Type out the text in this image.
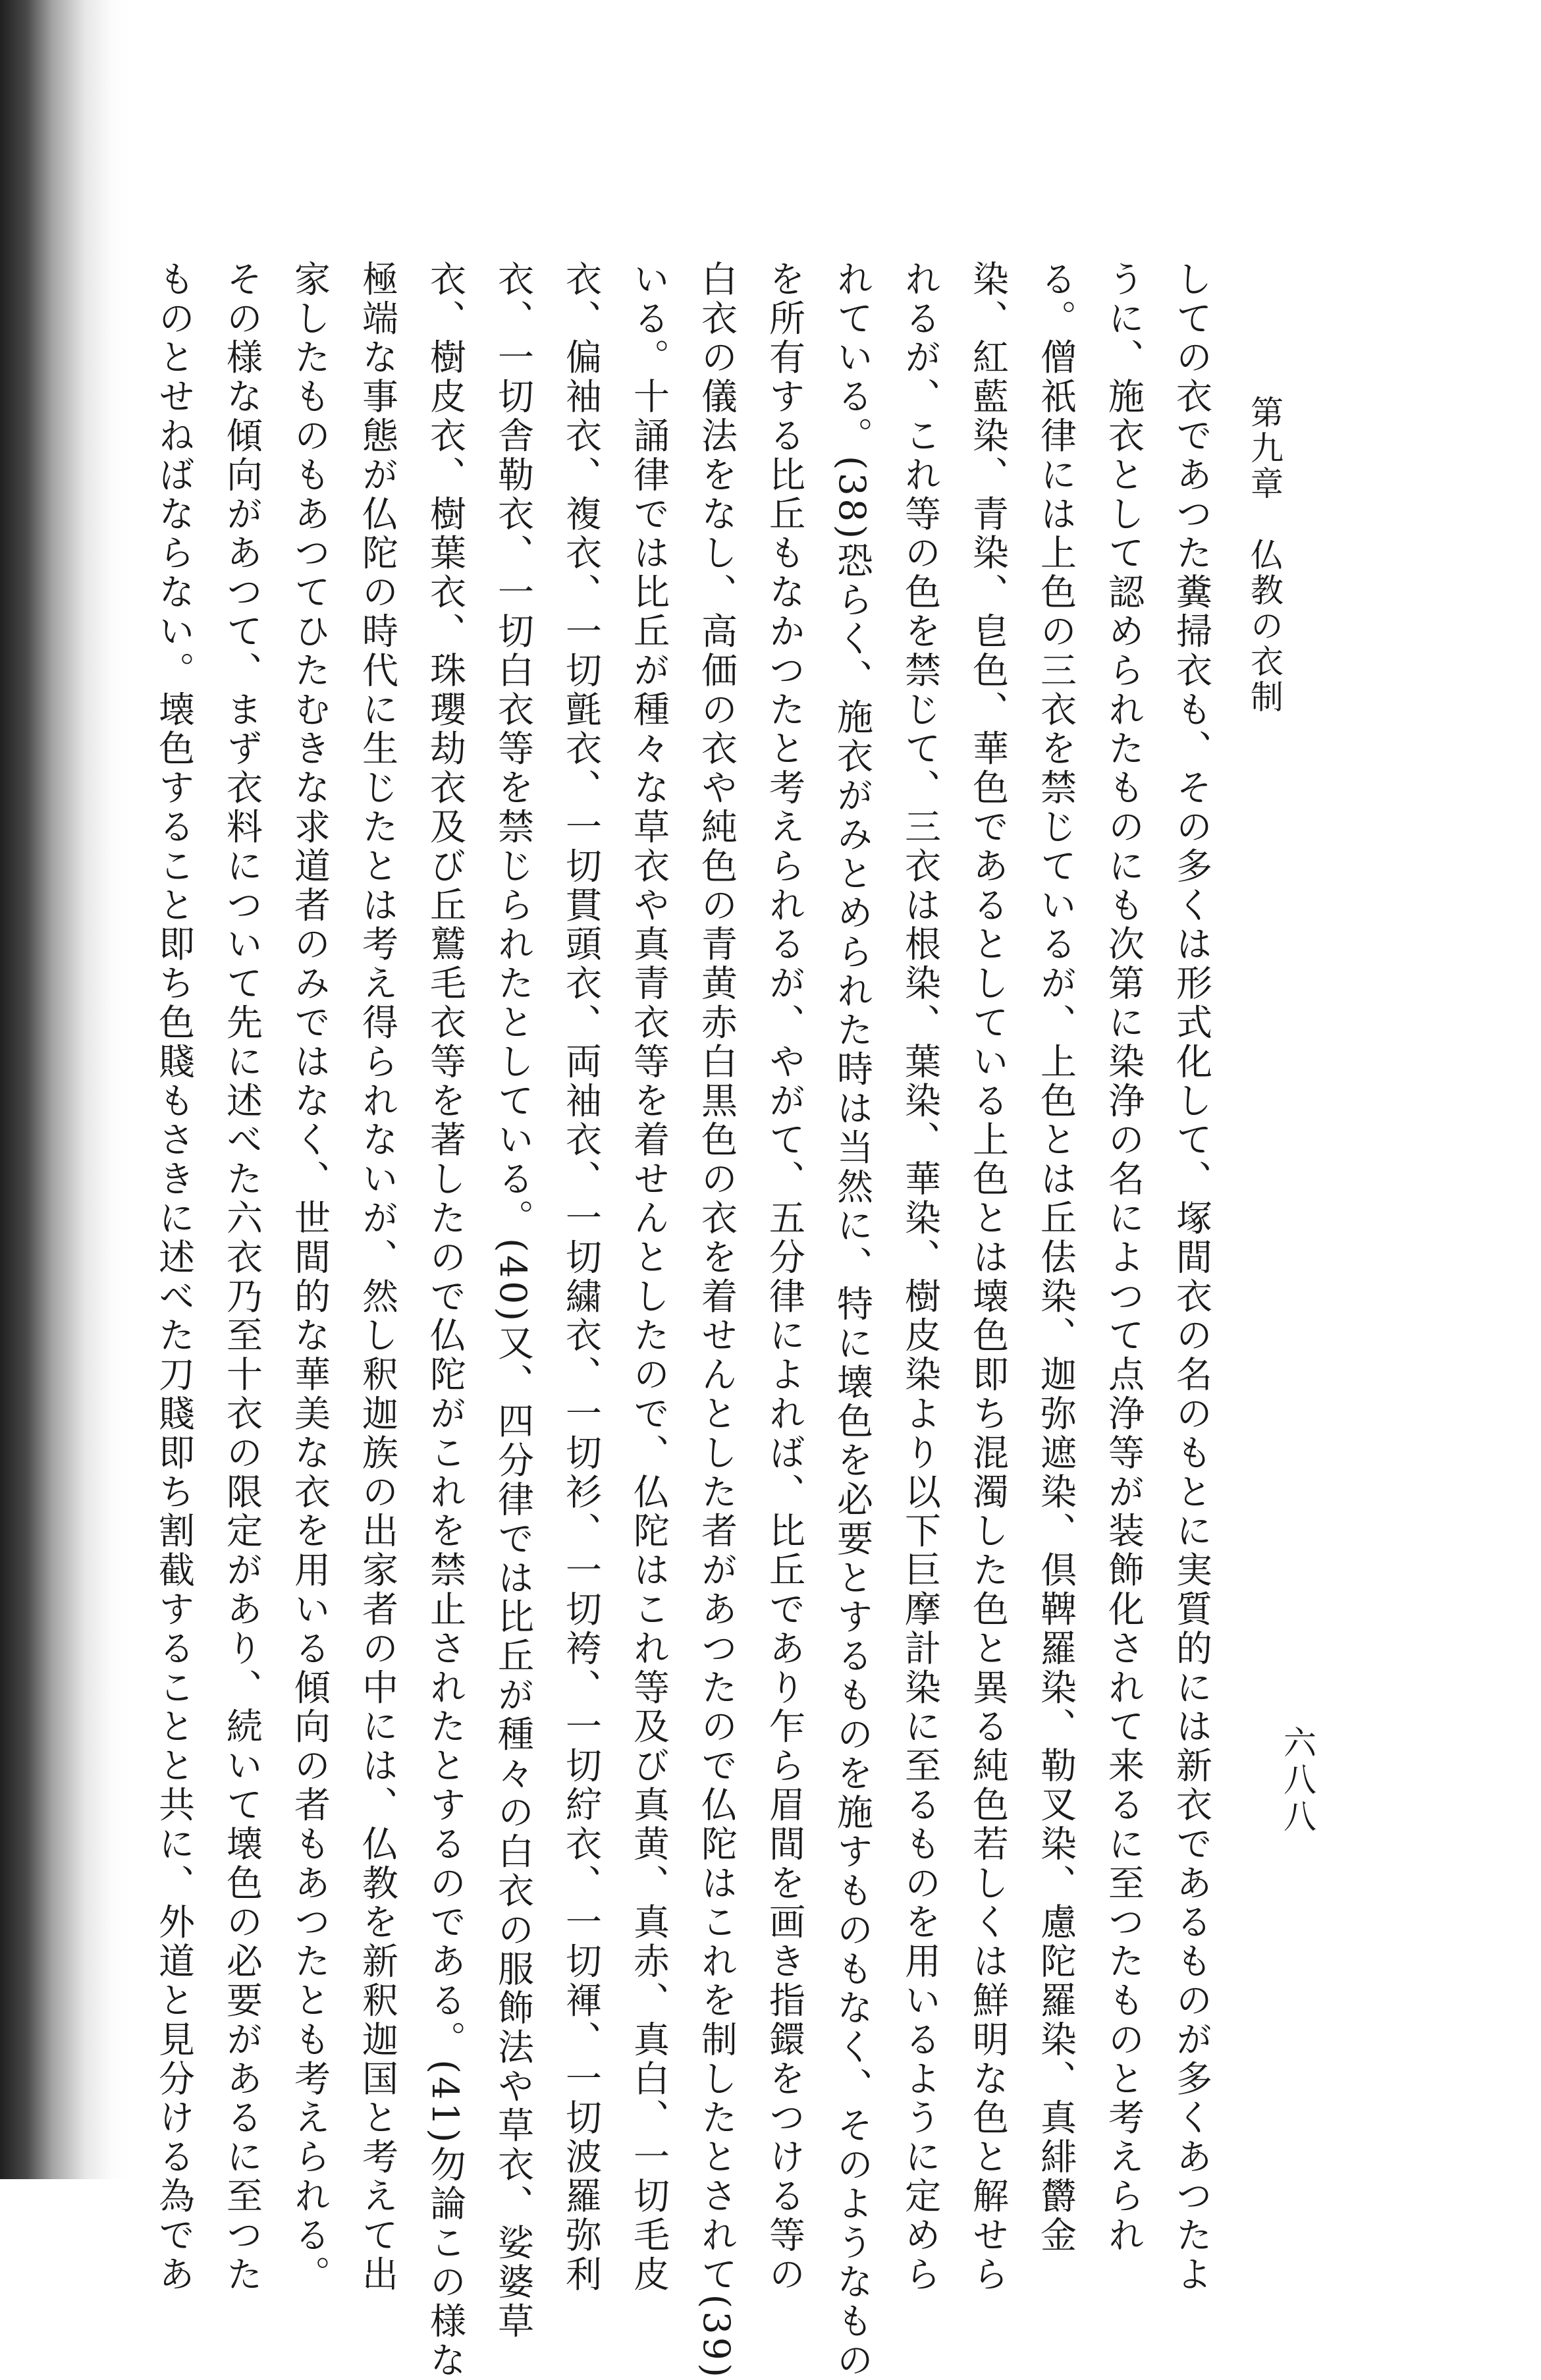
第九章　仏教の衣制
六八八
しての衣であつた糞掃衣も、その多くは形式化して、塚間衣の名のもとに実質的には新衣であるものが多くあつたよ
うに、施衣として認められたものにも次第に染浄の名によつて点浄等が装飾化されて来るに至つたものと考えられ
る。僧祇律には上色の三衣を禁じているが、上色とは丘佉染、迦弥遮染、倶鞞羅染、勒叉染、慮陀羅染、真緋欝金
染、紅藍染、青染、皀色、華色であるとしている上色とは壊色即ち混濁した色と異る純色若しくは鮮明な色と解せら
れるが、これ等の色を禁じて、三衣は根染、葉染、華染、樹皮染より以下巨摩計染に至るものを用いるように定めら
れている。(38)恐らく、施衣がみとめられた時は当然に、特に壊色を必要とするものを施すものもなく、そのようなもの
を所有する比丘もなかつたと考えられるが、やがて、五分律によれば、比丘であり乍ら眉間を画き指鐶をつける等の
白衣の儀法をなし、高価の衣や純色の青黄赤白黒色の衣を着せんとした者があつたので仏陀はこれを制したとされて(39)
いる。十誦律では比丘が種々な草衣や真青衣等を着せんとしたので、仏陀はこれ等及び真黄、真赤、真白、一切毛皮
衣、偏袖衣、複衣、一切氈衣、一切貫頭衣、両袖衣、一切繍衣、一切衫、一切袴、一切紵衣、一切褌、一切波羅弥利
衣、一切舎勒衣、一切白衣等を禁じられたとしている。(40)又、四分律では比丘が種々の白衣の服飾法や草衣、娑婆草
衣、樹皮衣、樹葉衣、珠瓔劫衣及び丘鷲毛衣等を著したので仏陀がこれを禁止されたとするのである。(41)勿論この様な
極端な事態が仏陀の時代に生じたとは考え得られないが、然し釈迦族の出家者の中には、仏教を新釈迦国と考えて出
家したものもあつてひたむきな求道者のみではなく、世間的な華美な衣を用いる傾向の者もあつたとも考えられる。
その様な傾向があつて、まず衣料について先に述べた六衣乃至十衣の限定があり、続いて壊色の必要があるに至つた
ものとせねばならない。壊色すること即ち色賤もさきに述べた刀賤即ち割截することと共に、外道と見分ける為であ
